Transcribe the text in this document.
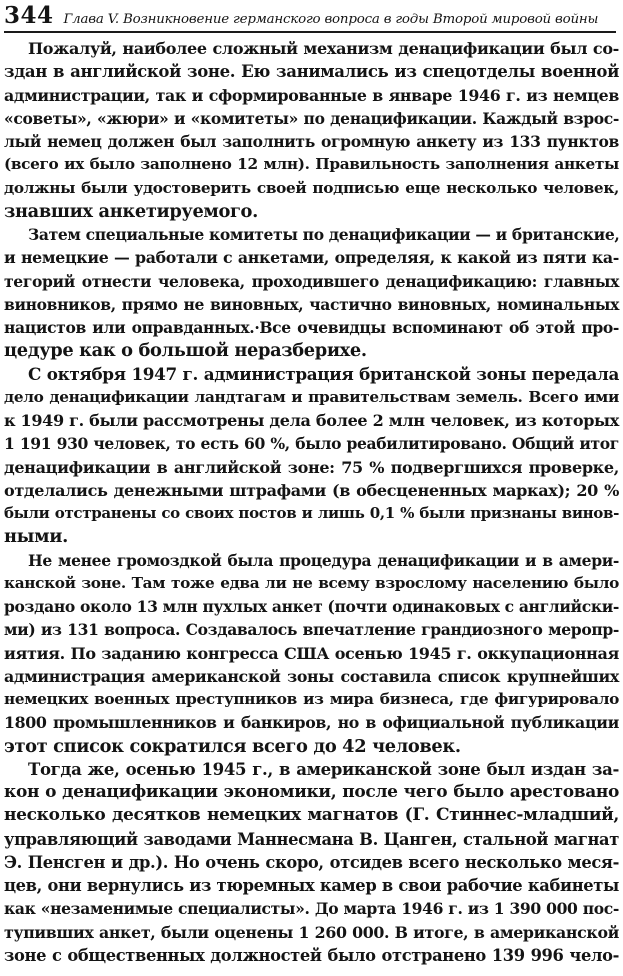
344 Глава V. Возникновение германского вопроса в годы Второй мировой войны
Пожалуй, наиболее сложный механизм денацификации был со-
здан в английской зоне. Ею занимались из спецотделы военной
администрации, так и сформированные в январе 1946 г. из немцев
«советы», «жюри» и «комитеты» по денацификации. Каждый взрос-
лый немец должен был заполнить огромную анкету из 133 пунктов
(всего их было заполнено 12 млн). Правильность заполнения анкеты
должны были удостоверить своей подписью еще несколько человек,
знавших анкетируемого.
Затем специальные комитеты по денацификации — и британские,
и немецкие — работали с анкетами, определяя, к какой из пяти ка-
тегорий отнести человека, проходившего денацификацию: главных
виновников, прямо не виновных, частично виновных, номинальных
нацистов или оправданных.·Все очевидцы вспоминают об этой про-
цедуре как о большой неразберихе.
С октября 1947 г. администрация британской зоны передала
дело денацификации ландтагам и правительствам земель. Всего ими
к 1949 г. были рассмотрены дела более 2 млн человек, из которых
1 191 930 человек, то есть 60 %, было реабилитировано. Общий итог
денацификации в английской зоне: 75 % подвергшихся проверке,
отделались денежными штрафами (в обесцененных марках); 20 %
были отстранены со своих постов и лишь 0,1 % были признаны винов-
ными.
Не менее громоздкой была процедура денацификации и в амери-
канской зоне. Там тоже едва ли не всему взрослому населению было
роздано около 13 млн пухлых анкет (почти одинаковых с английски-
ми) из 131 вопроса. Создавалось впечатление грандиозного меропр-
иятия. По заданию конгресса США осенью 1945 г. оккупационная
администрация американской зоны составила список крупнейших
немецких военных преступников из мира бизнеса, где фигурировало
1800 промышленников и банкиров, но в официальной публикации
этот список сократился всего до 42 человек.
Тогда же, осенью 1945 г., в американской зоне был издан за-
кон о денацификации экономики, после чего было арестовано
несколько десятков немецких магнатов (Г. Стиннес-младший,
управляющий заводами Маннесмана В. Цанген, стальной магнат
Э. Пенсген и др.). Но очень скоро, отсидев всего несколько меся-
цев, они вернулись из тюремных камер в свои рабочие кабинеты
как «незаменимые специалисты». До марта 1946 г. из 1 390 000 пос-
тупивших анкет, были оценены 1 260 000. В итоге, в американской
зоне с общественных должностей было отстранено 139 996 чело-
